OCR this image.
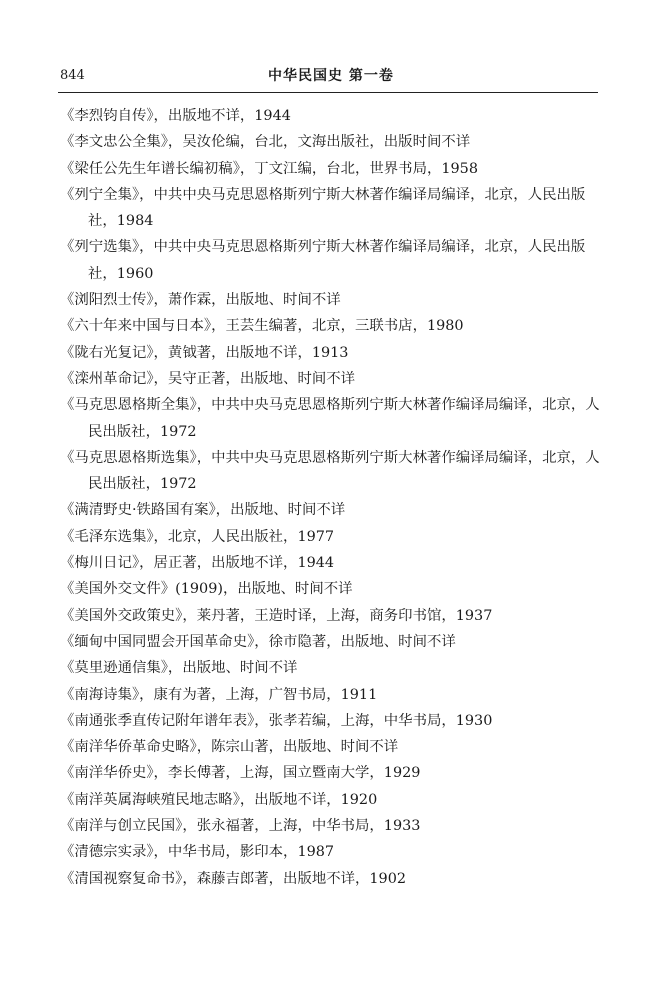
844	中华民国史 第一卷
《李烈钧自传》，出版地不详，1944
《李文忠公全集》，吴汝伦编，台北，文海出版社，出版时间不详
《梁任公先生年谱长编初稿》，丁文江编，台北，世界书局，1958
《列宁全集》，中共中央马克思恩格斯列宁斯大林著作编译局编译，北京，人民出版社，1984
《列宁选集》，中共中央马克思恩格斯列宁斯大林著作编译局编译，北京，人民出版社，1960
《浏阳烈士传》，萧作霖，出版地、时间不详
《六十年来中国与日本》，王芸生编著，北京，三联书店，1980
《陇右光复记》，黄钺著，出版地不详，1913
《滦州革命记》，吴守正著，出版地、时间不详
《马克思恩格斯全集》，中共中央马克思恩格斯列宁斯大林著作编译局编译，北京，人民出版社，1972
《马克思恩格斯选集》，中共中央马克思恩格斯列宁斯大林著作编译局编译，北京，人民出版社，1972
《满清野史·铁路国有案》，出版地、时间不详
《毛泽东选集》，北京，人民出版社，1977
《梅川日记》，居正著，出版地不详，1944
《美国外交文件》(1909)，出版地、时间不详
《美国外交政策史》，莱丹著，王造时译，上海，商务印书馆，1937
《缅甸中国同盟会开国革命史》，徐市隐著，出版地、时间不详
《莫里逊通信集》，出版地、时间不详
《南海诗集》，康有为著，上海，广智书局，1911
《南通张季直传记附年谱年表》，张孝若编，上海，中华书局，1930
《南洋华侨革命史略》，陈宗山著，出版地、时间不详
《南洋华侨史》，李长傅著，上海，国立暨南大学，1929
《南洋英属海峡殖民地志略》，出版地不详，1920
《南洋与创立民国》，张永福著，上海，中华书局，1933
《清德宗实录》，中华书局，影印本，1987
《清国视察复命书》，森藤吉郎著，出版地不详，1902
